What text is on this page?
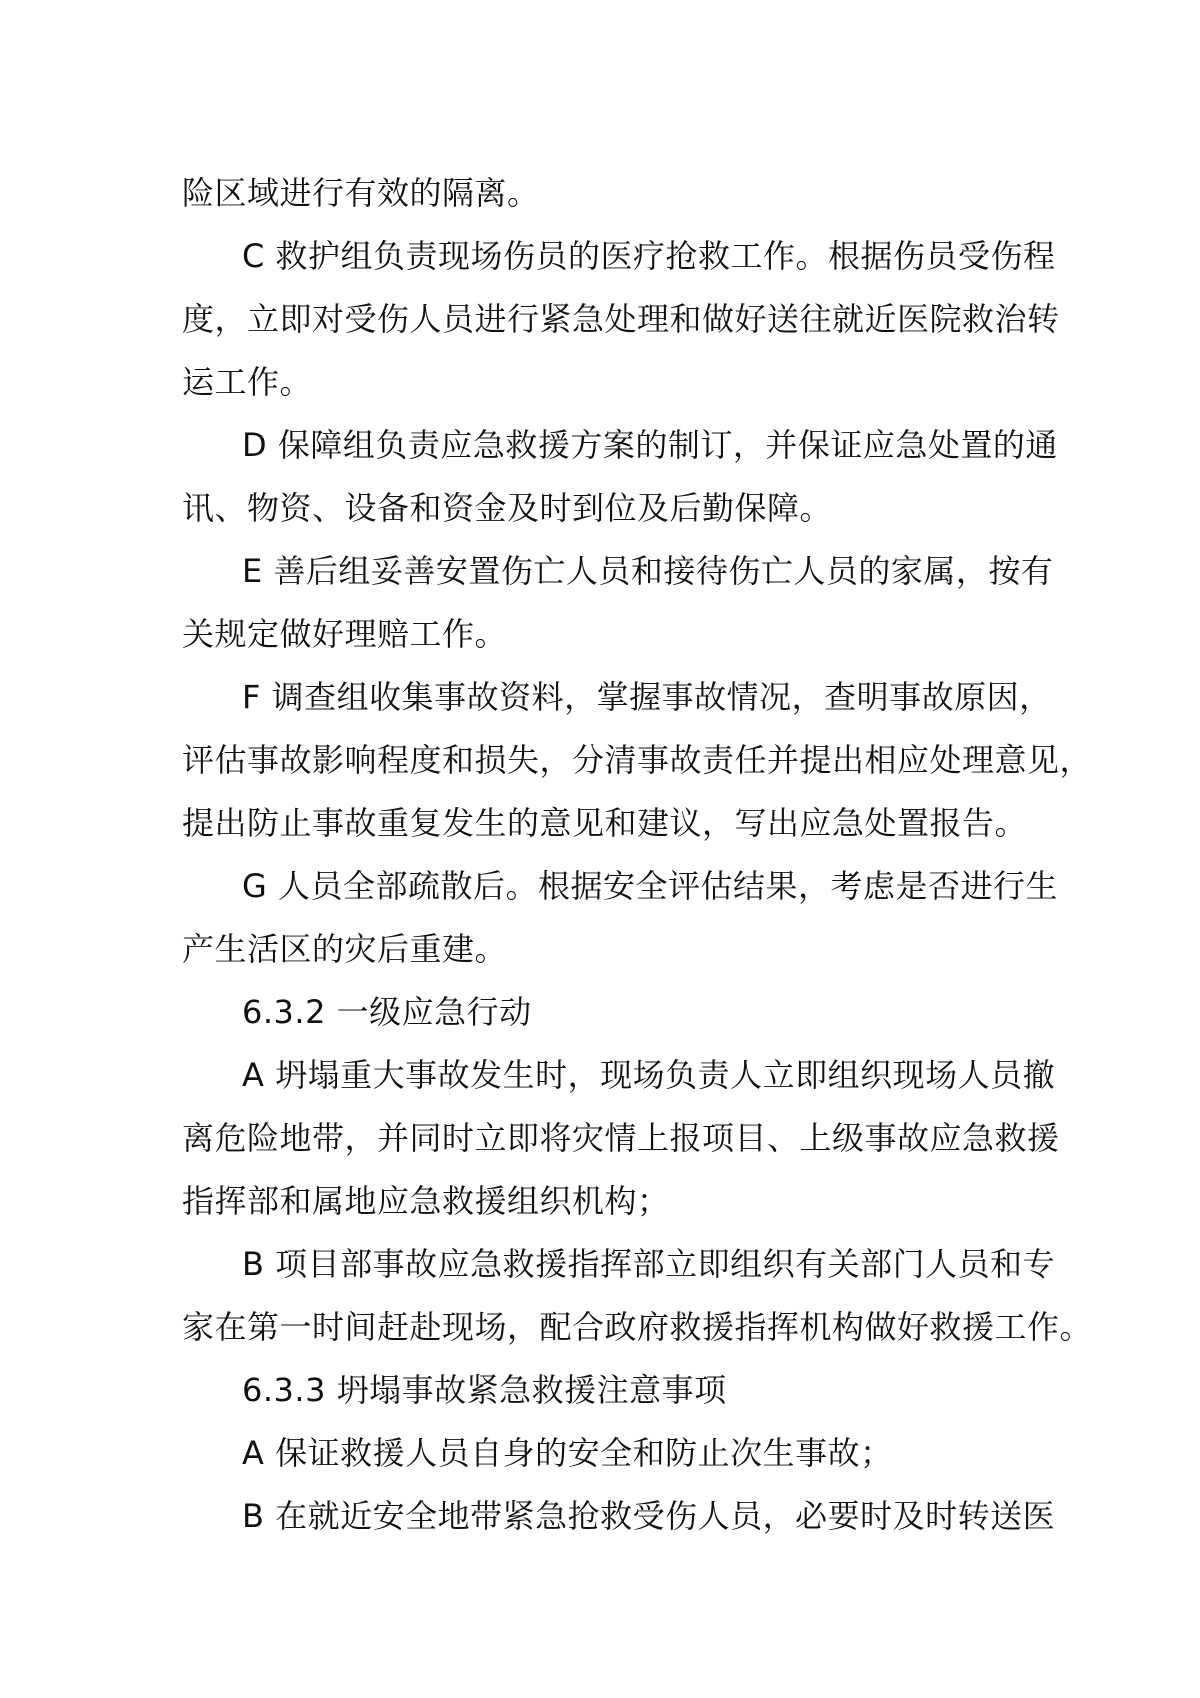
险区域进行有效的隔离。
C 救护组负责现场伤员的医疗抢救工作。根据伤员受伤程
度，立即对受伤人员进行紧急处理和做好送往就近医院救治转
运工作。
D 保障组负责应急救援方案的制订，并保证应急处置的通
讯、物资、设备和资金及时到位及后勤保障。
E 善后组妥善安置伤亡人员和接待伤亡人员的家属，按有
关规定做好理赔工作。
F 调查组收集事故资料，掌握事故情况，查明事故原因，
评估事故影响程度和损失，分清事故责任并提出相应处理意见，
提出防止事故重复发生的意见和建议，写出应急处置报告。
G 人员全部疏散后。根据安全评估结果，考虑是否进行生
产生活区的灾后重建。
6.3.2 一级应急行动
A 坍塌重大事故发生时，现场负责人立即组织现场人员撤
离危险地带，并同时立即将灾情上报项目、上级事故应急救援
指挥部和属地应急救援组织机构；
B 项目部事故应急救援指挥部立即组织有关部门人员和专
家在第一时间赶赴现场，配合政府救援指挥机构做好救援工作。
6.3.3 坍塌事故紧急救援注意事项
A 保证救援人员自身的安全和防止次生事故；
B 在就近安全地带紧急抢救受伤人员，必要时及时转送医
